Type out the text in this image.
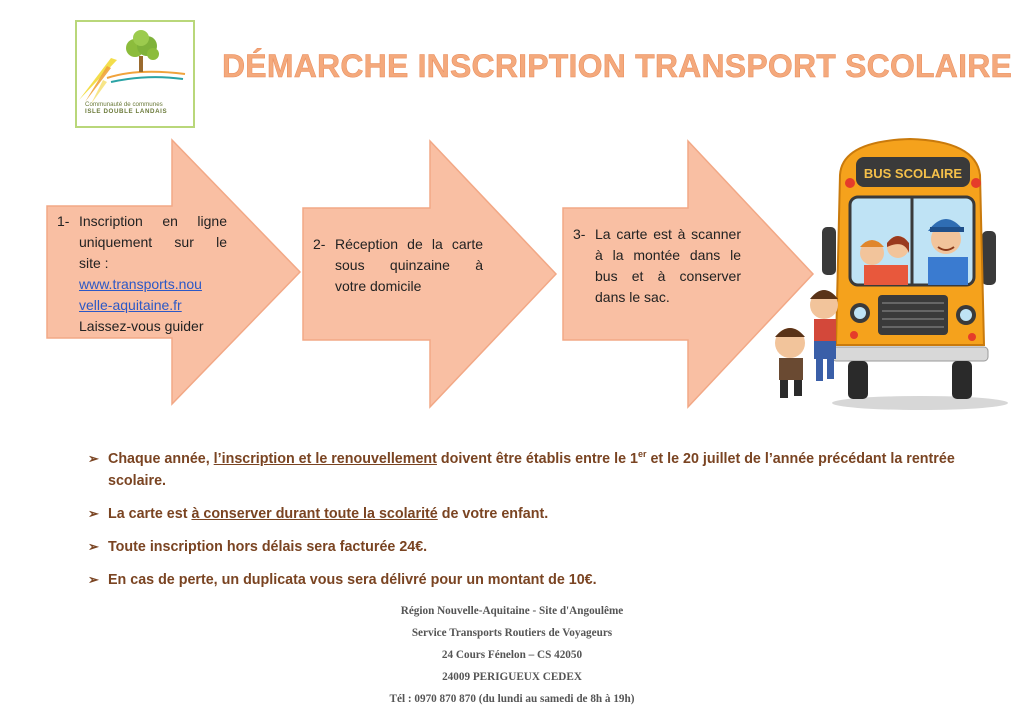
Communauté de communes
ISLE DOUBLE LANDAIS
DÉMARCHE INSCRIPTION TRANSPORT SCOLAIRE
1- Inscription en ligne
uniquement sur le
site :
www.transports.nou
velle-aquitaine.fr
Laissez-vous guider
2- Réception de la carte
sous quinzaine à
votre domicile
3- La carte est à scanner
à la montée dans le
bus et à conserver
dans le sac.
BUS SCOLAIRE
➢ Chaque année, l’inscription et le renouvellement doivent être établis entre le 1er et le 20 juillet de l’année précédant la rentrée scolaire.
➢ La carte est à conserver durant toute la scolarité de votre enfant.
➢ Toute inscription hors délais sera facturée 24€.
➢ En cas de perte, un duplicata vous sera délivré pour un montant de 10€.
Région Nouvelle-Aquitaine - Site d'Angoulême
Service Transports Routiers de Voyageurs
24 Cours Fénelon – CS 42050
24009 PERIGUEUX CEDEX
Tél : 0970 870 870 (du lundi au samedi de 8h à 19h)
